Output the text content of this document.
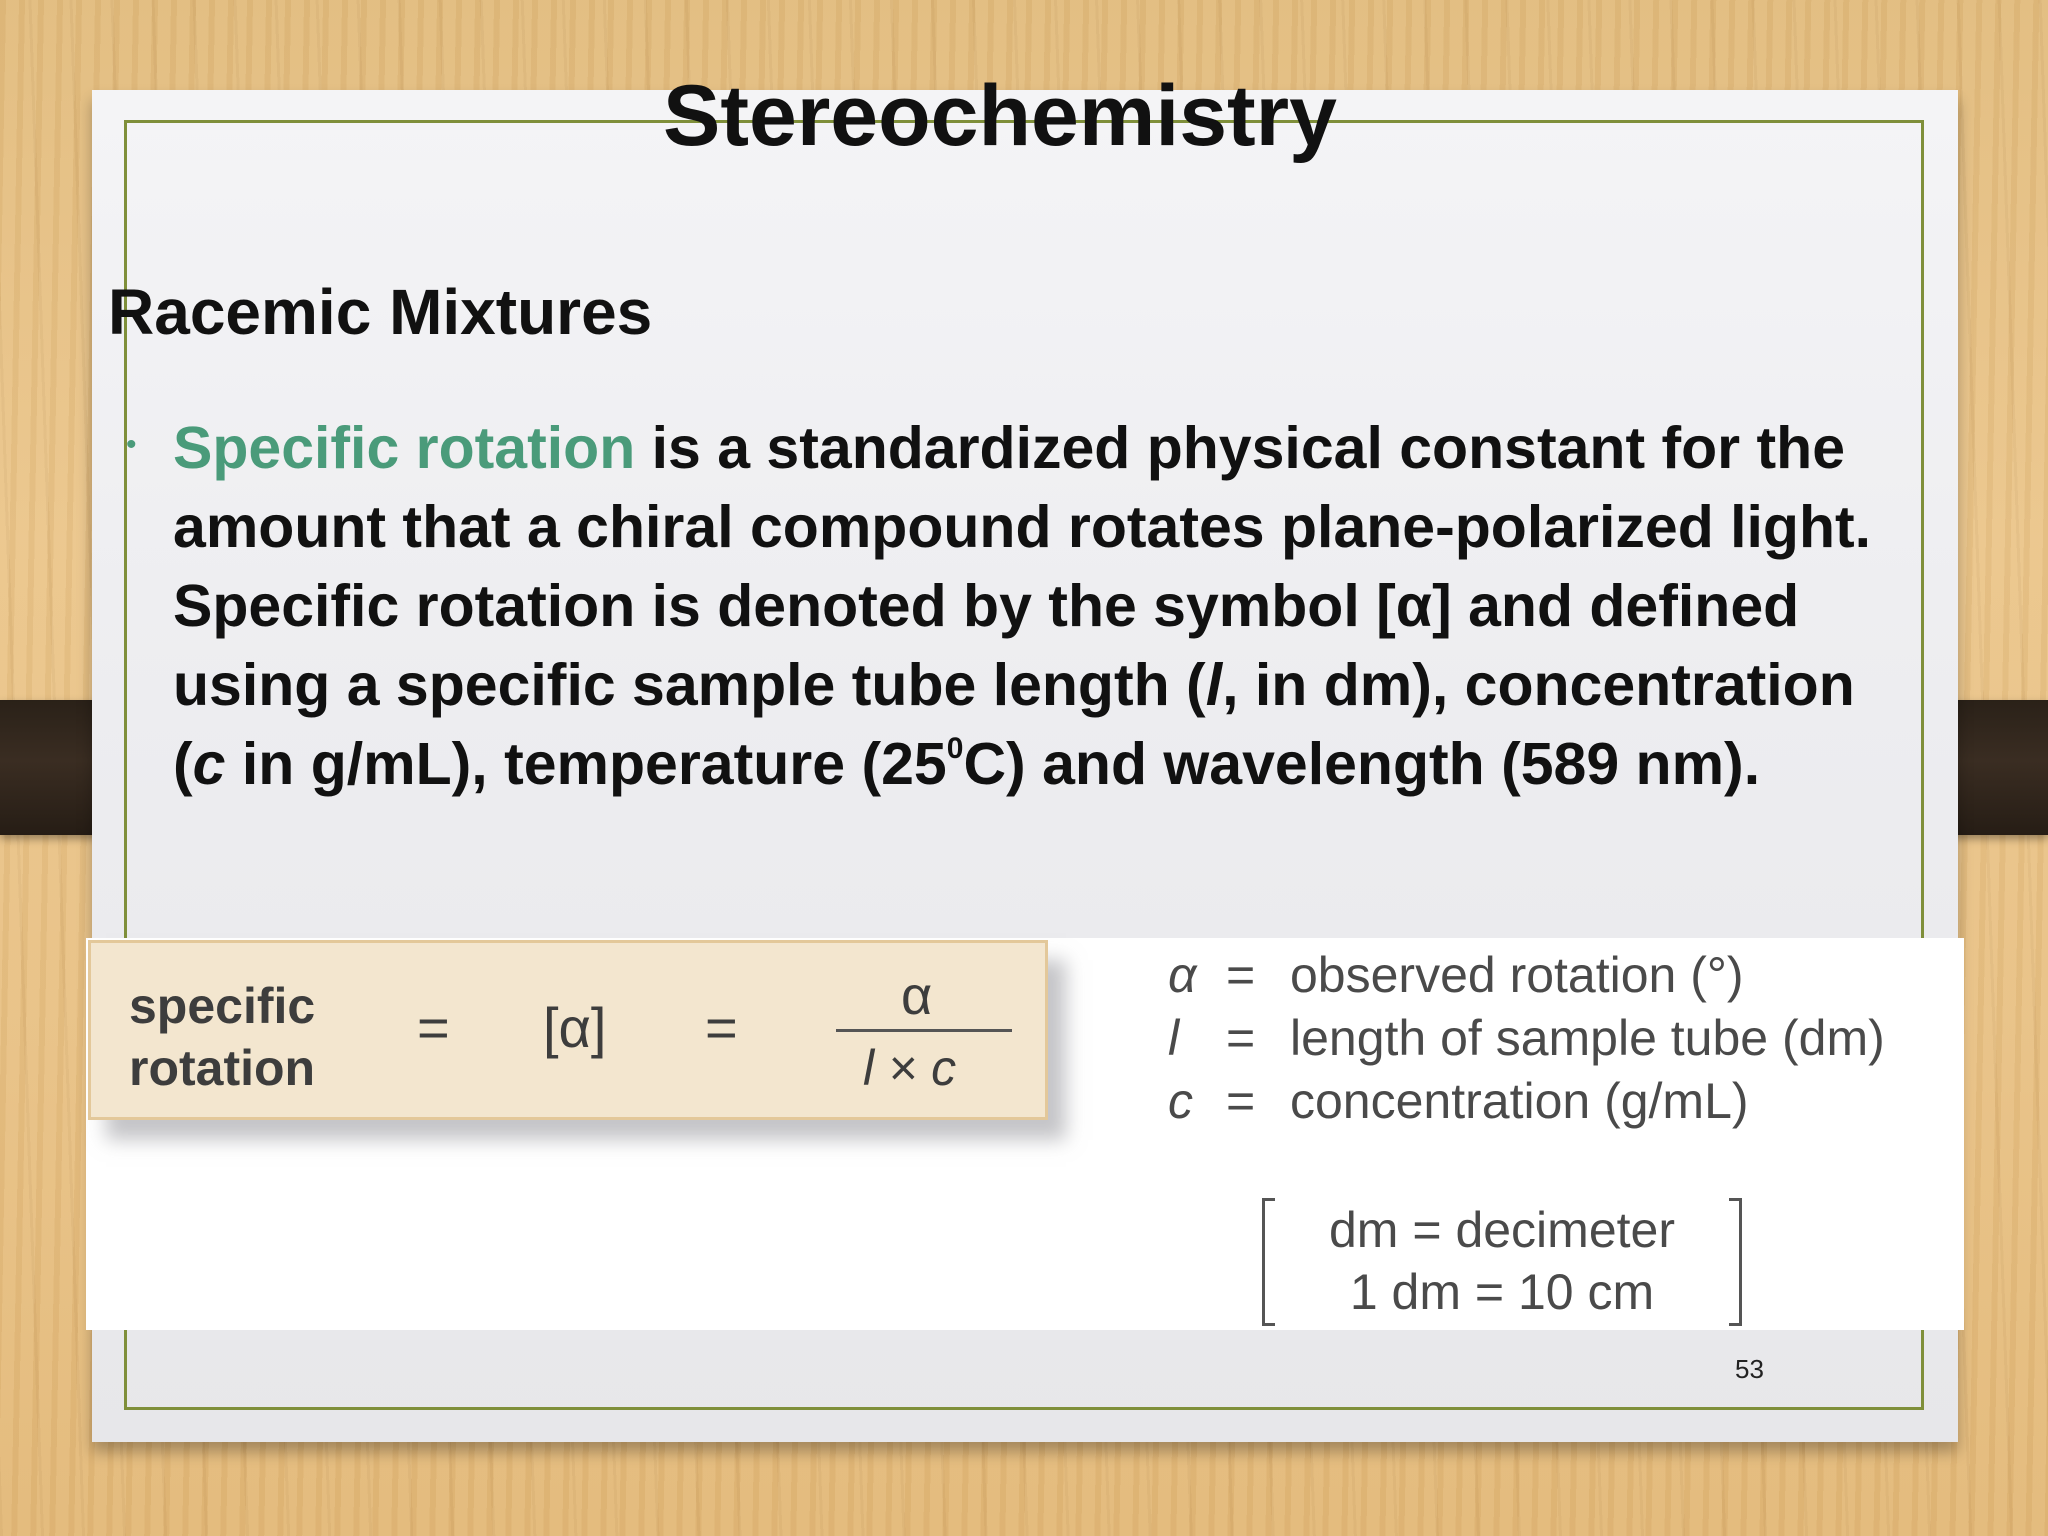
Stereochemistry
Racemic Mixtures
• Specific rotation is a standardized physical constant for the amount that a chiral compound rotates plane-polarized light. Specific rotation is denoted by the symbol [α] and defined using a specific sample tube length (l, in dm), concentration (c in g/mL), temperature $(25^0C)$ and wavelength (589 nm).
specific
rotation
= [α] =	α
l × c
α = observed rotation (°)
l = length of sample tube (dm)
c = concentration (g/mL)
dm = decimeter
1 dm = 10 cm
53
